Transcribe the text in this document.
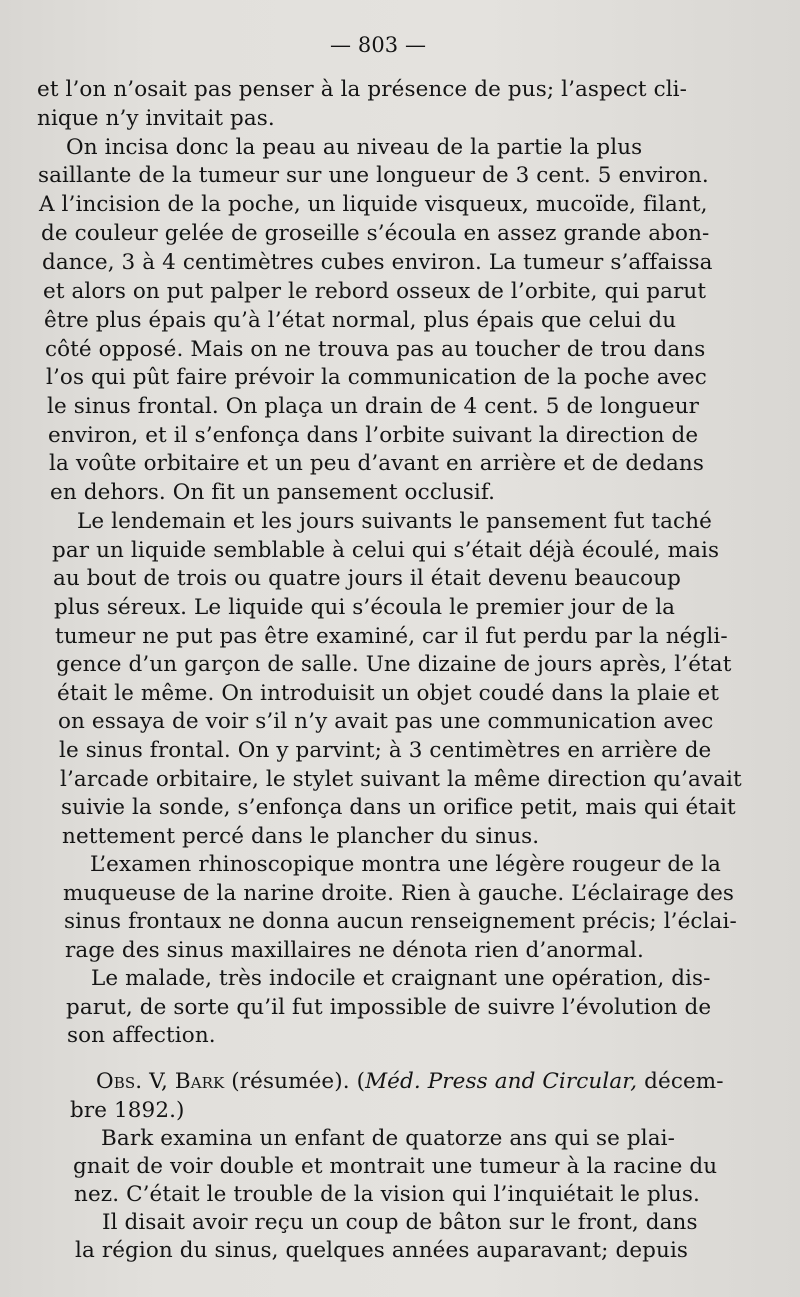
— 803 —
et l’on n’osait pas penser à la présence de pus; l’aspect cli-
nique n’y invitait pas.
On incisa donc la peau au niveau de la partie la plus
saillante de la tumeur sur une longueur de 3 cent. 5 environ.
A l’incision de la poche, un liquide visqueux, mucoïde, filant,
de couleur gelée de groseille s’écoula en assez grande abon-
dance, 3 à 4 centimètres cubes environ. La tumeur s’affaissa
et alors on put palper le rebord osseux de l’orbite, qui parut
être plus épais qu’à l’état normal, plus épais que celui du
côté opposé. Mais on ne trouva pas au toucher de trou dans
l’os qui pût faire prévoir la communication de la poche avec
le sinus frontal. On plaça un drain de 4 cent. 5 de longueur
environ, et il s’enfonça dans l’orbite suivant la direction de
la voûte orbitaire et un peu d’avant en arrière et de dedans
en dehors. On fit un pansement occlusif.
Le lendemain et les jours suivants le pansement fut taché
par un liquide semblable à celui qui s’était déjà écoulé, mais
au bout de trois ou quatre jours il était devenu beaucoup
plus séreux. Le liquide qui s’écoula le premier jour de la
tumeur ne put pas être examiné, car il fut perdu par la négli-
gence d’un garçon de salle. Une dizaine de jours après, l’état
était le même. On introduisit un objet coudé dans la plaie et
on essaya de voir s’il n’y avait pas une communication avec
le sinus frontal. On y parvint; à 3 centimètres en arrière de
l’arcade orbitaire, le stylet suivant la même direction qu’avait
suivie la sonde, s’enfonça dans un orifice petit, mais qui était
nettement percé dans le plancher du sinus.
L’examen rhinoscopique montra une légère rougeur de la
muqueuse de la narine droite. Rien à gauche. L’éclairage des
sinus frontaux ne donna aucun renseignement précis; l’éclai-
rage des sinus maxillaires ne dénota rien d’anormal.
Le malade, très indocile et craignant une opération, dis-
parut, de sorte qu’il fut impossible de suivre l’évolution de
son affection.
Obs. V, Bark (résumée). (Méd. Press and Circular, décem-
bre 1892.)
Bark examina un enfant de quatorze ans qui se plai-
gnait de voir double et montrait une tumeur à la racine du
nez. C’était le trouble de la vision qui l’inquiétait le plus.
Il disait avoir reçu un coup de bâton sur le front, dans
la région du sinus, quelques années auparavant; depuis
